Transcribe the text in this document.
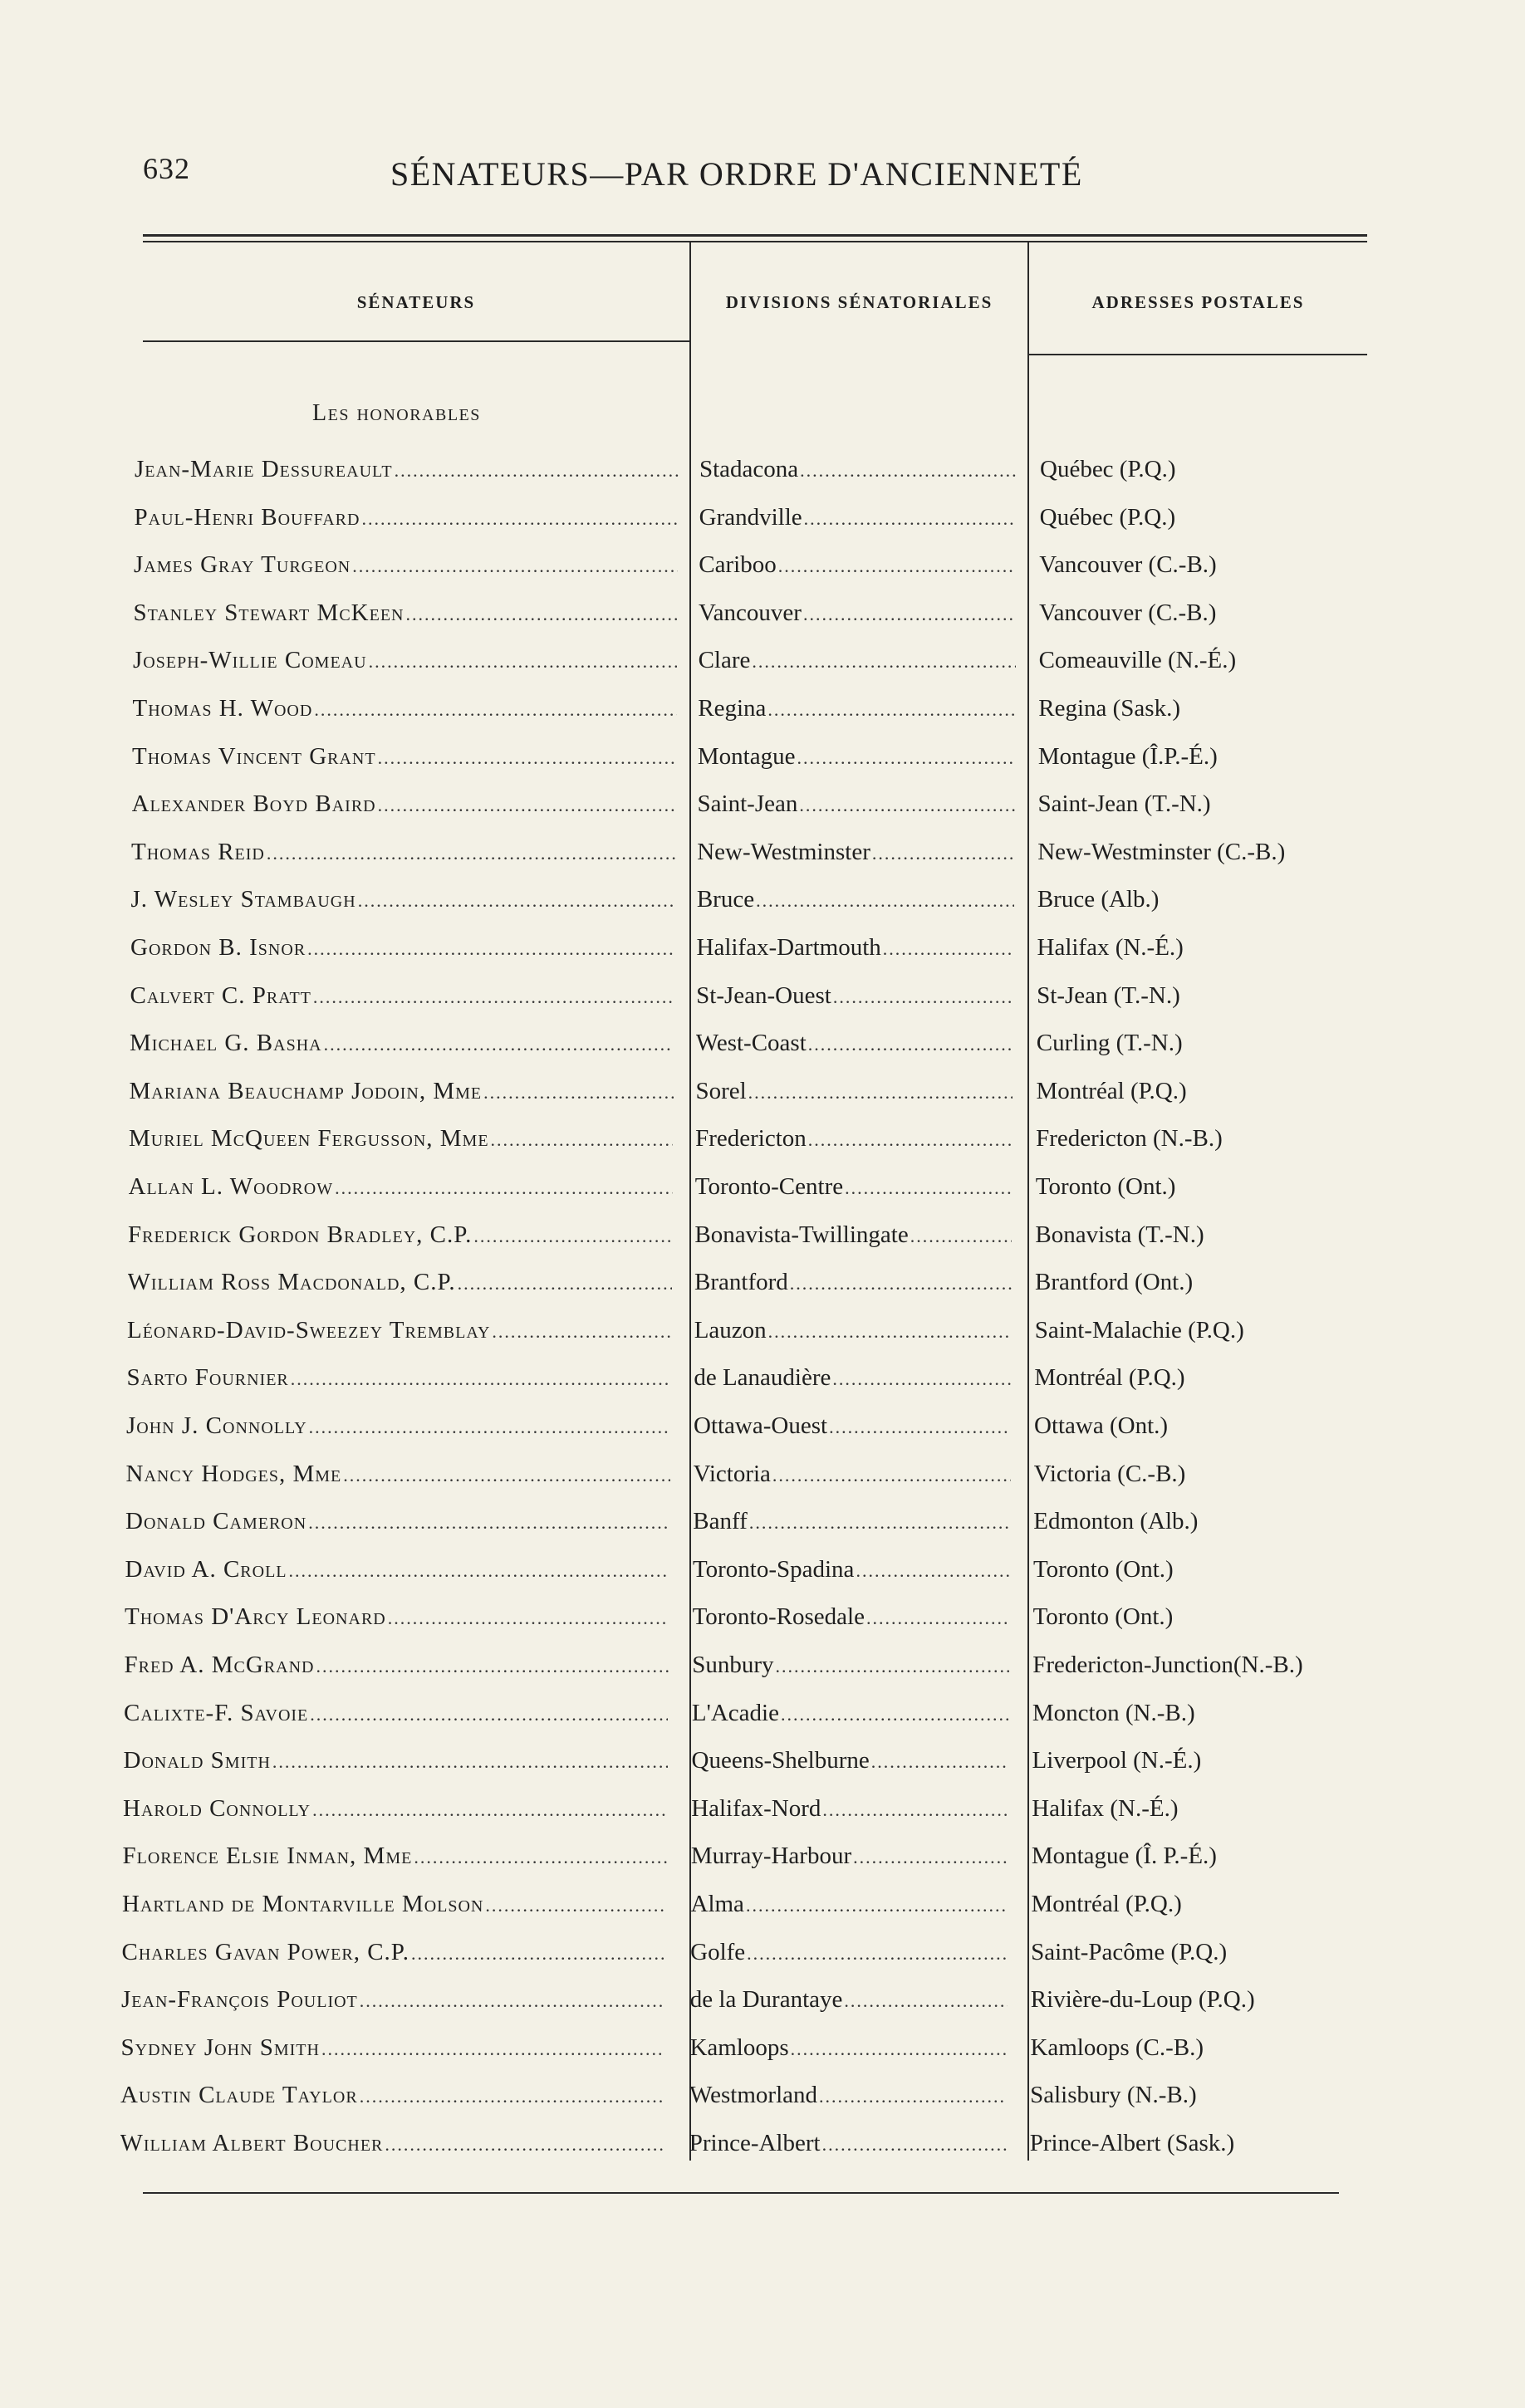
632	SÉNATEURS—PAR ORDRE D'ANCIENNETÉ
SÉNATEURS	DIVISIONS SÉNATORIALES	ADRESSES POSTALES
Les honorables
Jean-Marie Dessureault .....	Stadacona .....	Québec (P.Q.)
Paul-Henri Bouffard .....	Grandville .....	Québec (P.Q.)
James Gray Turgeon .....	Cariboo .....	Vancouver (C.-B.)
Stanley Stewart McKeen .....	Vancouver .....	Vancouver (C.-B.)
Joseph-Willie Comeau .....	Clare .....	Comeauville (N.-É.)
Thomas H. Wood .....	Regina .....	Regina (Sask.)
Thomas Vincent Grant .....	Montague .....	Montague (Î.P.-É.)
Alexander Boyd Baird .....	Saint-Jean .....	Saint-Jean (T.-N.)
Thomas Reid .....	New-Westminster .....	New-Westminster (C.-B.)
J. Wesley Stambaugh .....	Bruce .....	Bruce (Alb.)
Gordon B. Isnor .....	Halifax-Dartmouth .....	Halifax (N.-É.)
Calvert C. Pratt .....	St-Jean-Ouest .....	St-Jean (T.-N.)
Michael G. Basha .....	West-Coast .....	Curling (T.-N.)
Mariana Beauchamp Jodoin, Mme .....	Sorel .....	Montréal (P.Q.)
Muriel McQueen Fergusson, Mme .....	Fredericton .....	Fredericton (N.-B.)
Allan L. Woodrow .....	Toronto-Centre .....	Toronto (Ont.)
Frederick Gordon Bradley, C.P. .....	Bonavista-Twillingate .....	Bonavista (T.-N.)
William Ross Macdonald, C.P. .....	Brantford .....	Brantford (Ont.)
Léonard-David-Sweezey Tremblay .....	Lauzon .....	Saint-Malachie (P.Q.)
Sarto Fournier .....	de Lanaudière .....	Montréal (P.Q.)
John J. Connolly .....	Ottawa-Ouest .....	Ottawa (Ont.)
Nancy Hodges, Mme .....	Victoria .....	Victoria (C.-B.)
Donald Cameron .....	Banff .....	Edmonton (Alb.)
David A. Croll .....	Toronto-Spadina .....	Toronto (Ont.)
Thomas D'Arcy Leonard .....	Toronto-Rosedale .....	Toronto (Ont.)
Fred A. McGrand .....	Sunbury .....	Fredericton-Junction(N.-B.)
Calixte-F. Savoie .....	L'Acadie .....	Moncton (N.-B.)
Donald Smith .....	Queens-Shelburne .....	Liverpool (N.-É.)
Harold Connolly .....	Halifax-Nord .....	Halifax (N.-É.)
Florence Elsie Inman, Mme .....	Murray-Harbour .....	Montague (Î. P.-É.)
Hartland de Montarville Molson .....	Alma .....	Montréal (P.Q.)
Charles Gavan Power, C.P. .....	Golfe .....	Saint-Pacôme (P.Q.)
Jean-François Pouliot .....	de la Durantaye .....	Rivière-du-Loup (P.Q.)
Sydney John Smith .....	Kamloops .....	Kamloops (C.-B.)
Austin Claude Taylor .....	Westmorland .....	Salisbury (N.-B.)
William Albert Boucher .....	Prince-Albert .....	Prince-Albert (Sask.)
